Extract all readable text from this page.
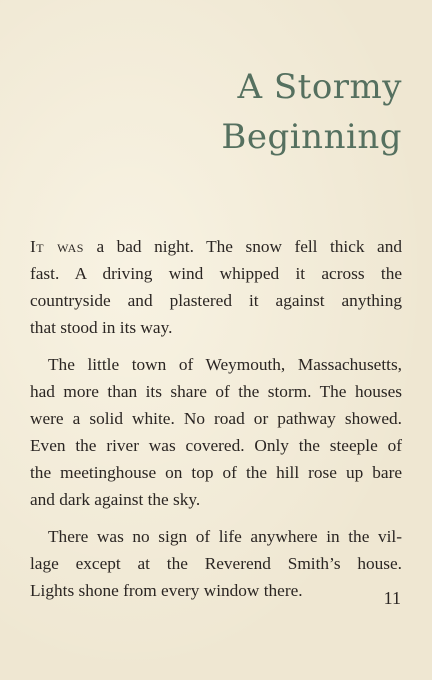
A Stormy
Beginning
It was a bad night. The snow fell thick and
fast. A driving wind whipped it across the
countryside and plastered it against anything
that stood in its way.
The little town of Weymouth, Massachusetts,
had more than its share of the storm. The houses
were a solid white. No road or pathway showed.
Even the river was covered. Only the steeple of
the meetinghouse on top of the hill rose up bare
and dark against the sky.
There was no sign of life anywhere in the vil-
lage except at the Reverend Smith’s house.
Lights shone from every window there.	11
